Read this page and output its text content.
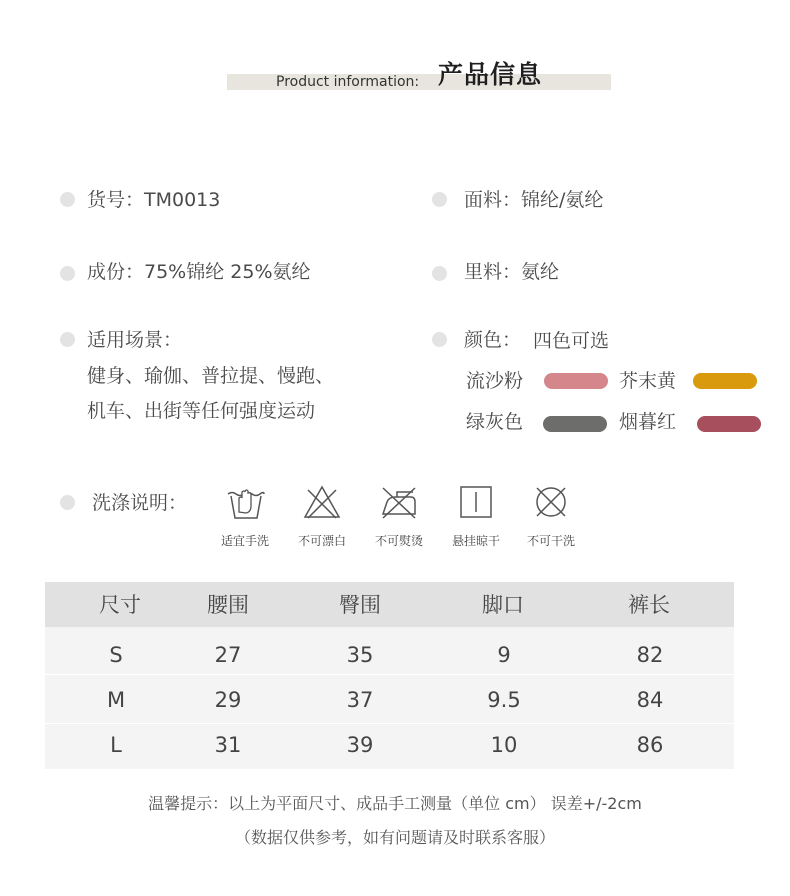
Product information: 产品信息
货号：TM0013	面料：锦纶/氨纶
成份：75%锦纶 25%氨纶	里料：氨纶
适用场景：
健身、瑜伽、普拉提、慢跑、
机车、出街等任何强度运动
颜色： 四色可选
流沙粉	芥末黄
绿灰色	烟暮红
洗涤说明：
适宜手洗	不可漂白	不可熨烫	悬挂晾干	不可干洗
尺寸	腰围	臀围	脚口	裤长
S	27	35	9	82
M	29	37	9.5	84
L	31	39	10	86
温馨提示：以上为平面尺寸、成品手工测量（单位 cm） 误差+/-2cm
（数据仅供参考，如有问题请及时联系客服）
